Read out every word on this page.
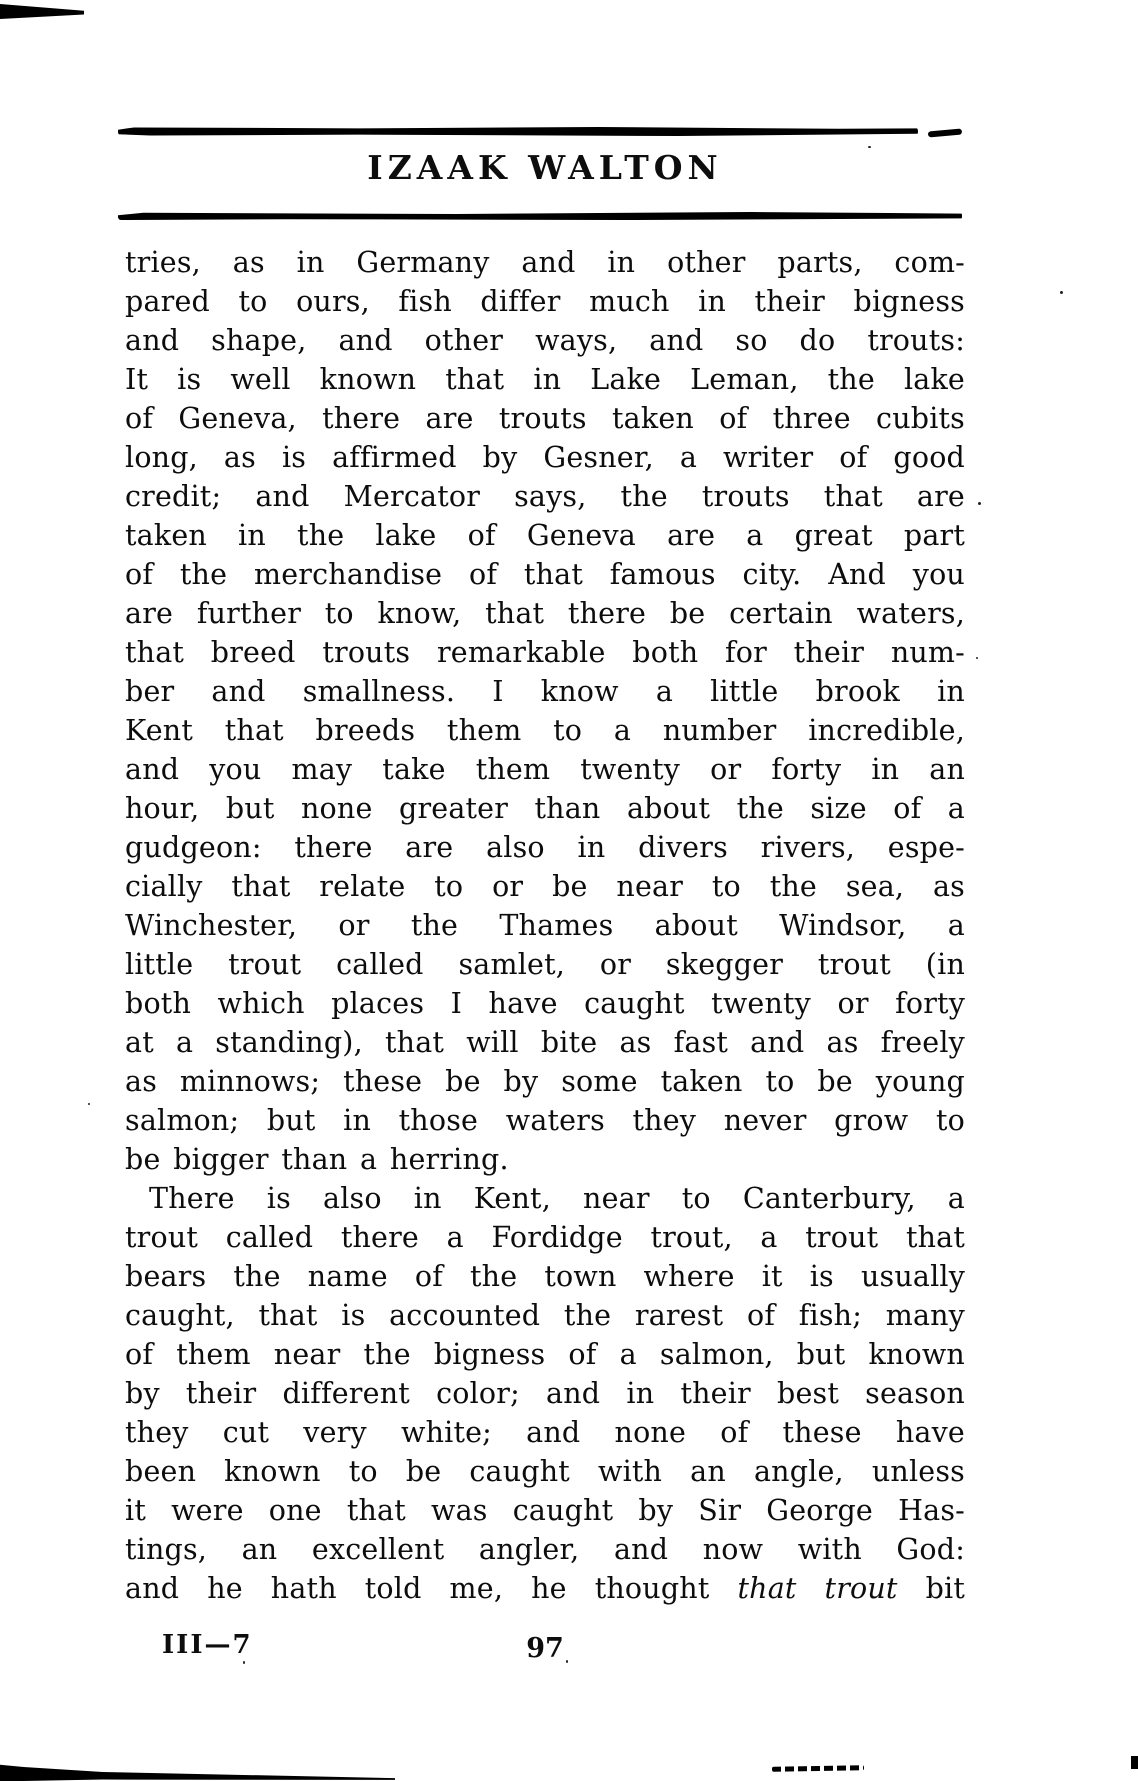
IZAAK WALTON
tries, as in Germany and in other parts, com-
pared to ours, fish differ much in their bigness
and shape, and other ways, and so do trouts:
It is well known that in Lake Leman, the lake
of Geneva, there are trouts taken of three cubits
long, as is affirmed by Gesner, a writer of good
credit; and Mercator says, the trouts that are
taken in the lake of Geneva are a great part
of the merchandise of that famous city. And you
are further to know, that there be certain waters,
that breed trouts remarkable both for their num-
ber and smallness. I know a little brook in
Kent that breeds them to a number incredible,
and you may take them twenty or forty in an
hour, but none greater than about the size of a
gudgeon: there are also in divers rivers, espe-
cially that relate to or be near to the sea, as
Winchester, or the Thames about Windsor, a
little trout called samlet, or skegger trout (in
both which places I have caught twenty or forty
at a standing), that will bite as fast and as freely
as minnows; these be by some taken to be young
salmon; but in those waters they never grow to
be bigger than a herring.
There is also in Kent, near to Canterbury, a
trout called there a Fordidge trout, a trout that
bears the name of the town where it is usually
caught, that is accounted the rarest of fish; many
of them near the bigness of a salmon, but known
by their different color; and in their best season
they cut very white; and none of these have
been known to be caught with an angle, unless
it were one that was caught by Sir George Has-
tings, an excellent angler, and now with God:
and he hath told me, he thought that trout bit
III—7	97
